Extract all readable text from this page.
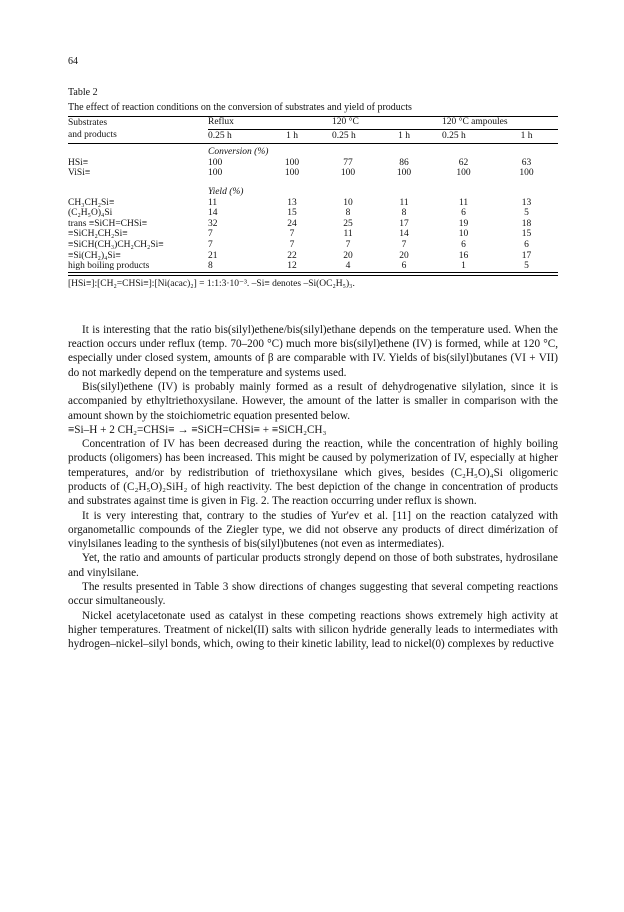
64
Table 2
The effect of reaction conditions on the conversion of substrates and yield of products
Substrates	Reflux		120 °C		120 °C ampoules	

and products	0.25 h	1 h	0.25 h	1 h	0.25 h	1 h
	Conversion (%)					
HSi≡	100	100	77	86	62	63
ViSi≡	100	100	100	100	100	100
	Yield (%)					
CH₃CH₂Si≡	11	13	10	11	11	13
(C₂H₅O)₄Si	14	15	8	8	6	5
trans ≡SiCH=CHSi≡	32	24	25	17	19	18
≡SiCH₂CH₂Si≡	7	7	11	14	10	15
≡SiCH(CH₃)CH₂CH₂Si≡	7	7	7	7	6	6
≡Si(CH₂)₄Si≡	21	22	20	20	16	17
high boiling products	8	12	4	6	1	5
[HSi≡]:[CH₂=CHSi≡]:[Ni(acac)₂] = 1:1:3·10⁻³. –Si≡ denotes –Si(OC₂H₅)₃.

It is interesting that the ratio bis(silyl)ethene/bis(silyl)ethane depends on the temperature used. When the reaction occurs under reflux (temp. 70–200 °C) much more bis(silyl)ethene (IV) is formed, while at 120 °C, especially under closed system, amounts of β are comparable with IV. Yields of bis(silyl)butanes (VI + VII) do not markedly depend on the temperature and systems used.

Bis(silyl)ethene (IV) is probably mainly formed as a result of dehydrogenative silylation, since it is accompanied by ethyltriethoxysilane. However, the amount of the latter is smaller in comparison with the amount shown by the stoichiometric equation presented below.

≡Si–H + 2 CH₂=CHSi≡ → ≡SiCH=CHSi≡ + ≡SiCH₂CH₃

Concentration of IV has been decreased during the reaction, while the concentration of highly boiling products (oligomers) has been increased. This might be caused by polymerization of IV, especially at higher temperatures, and/or by redistribution of triethoxysilane which gives, besides (C₂H₅O)₄Si oligomeric products of (C₂H₅O)₂SiH₂ of high reactivity. The best depiction of the change in concentration of products and substrates against time is given in Fig. 2. The reaction occurring under reflux is shown.

It is very interesting that, contrary to the studies of Yur'ev et al. [11] on the reaction catalyzed with organometallic compounds of the Ziegler type, we did not observe any products of direct dimérization of vinylsilanes leading to the synthesis of bis(silyl)butenes (not even as intermediates).

Yet, the ratio and amounts of particular products strongly depend on those of both substrates, hydrosilane and vinylsilane.

The results presented in Table 3 show directions of changes suggesting that several competing reactions occur simultaneously.

Nickel acetylacetonate used as catalyst in these competing reactions shows extremely high activity at higher temperatures. Treatment of nickel(II) salts with silicon hydride generally leads to intermediates with hydrogen–nickel–silyl bonds, which, owing to their kinetic lability, lead to nickel(0) complexes by reductive
